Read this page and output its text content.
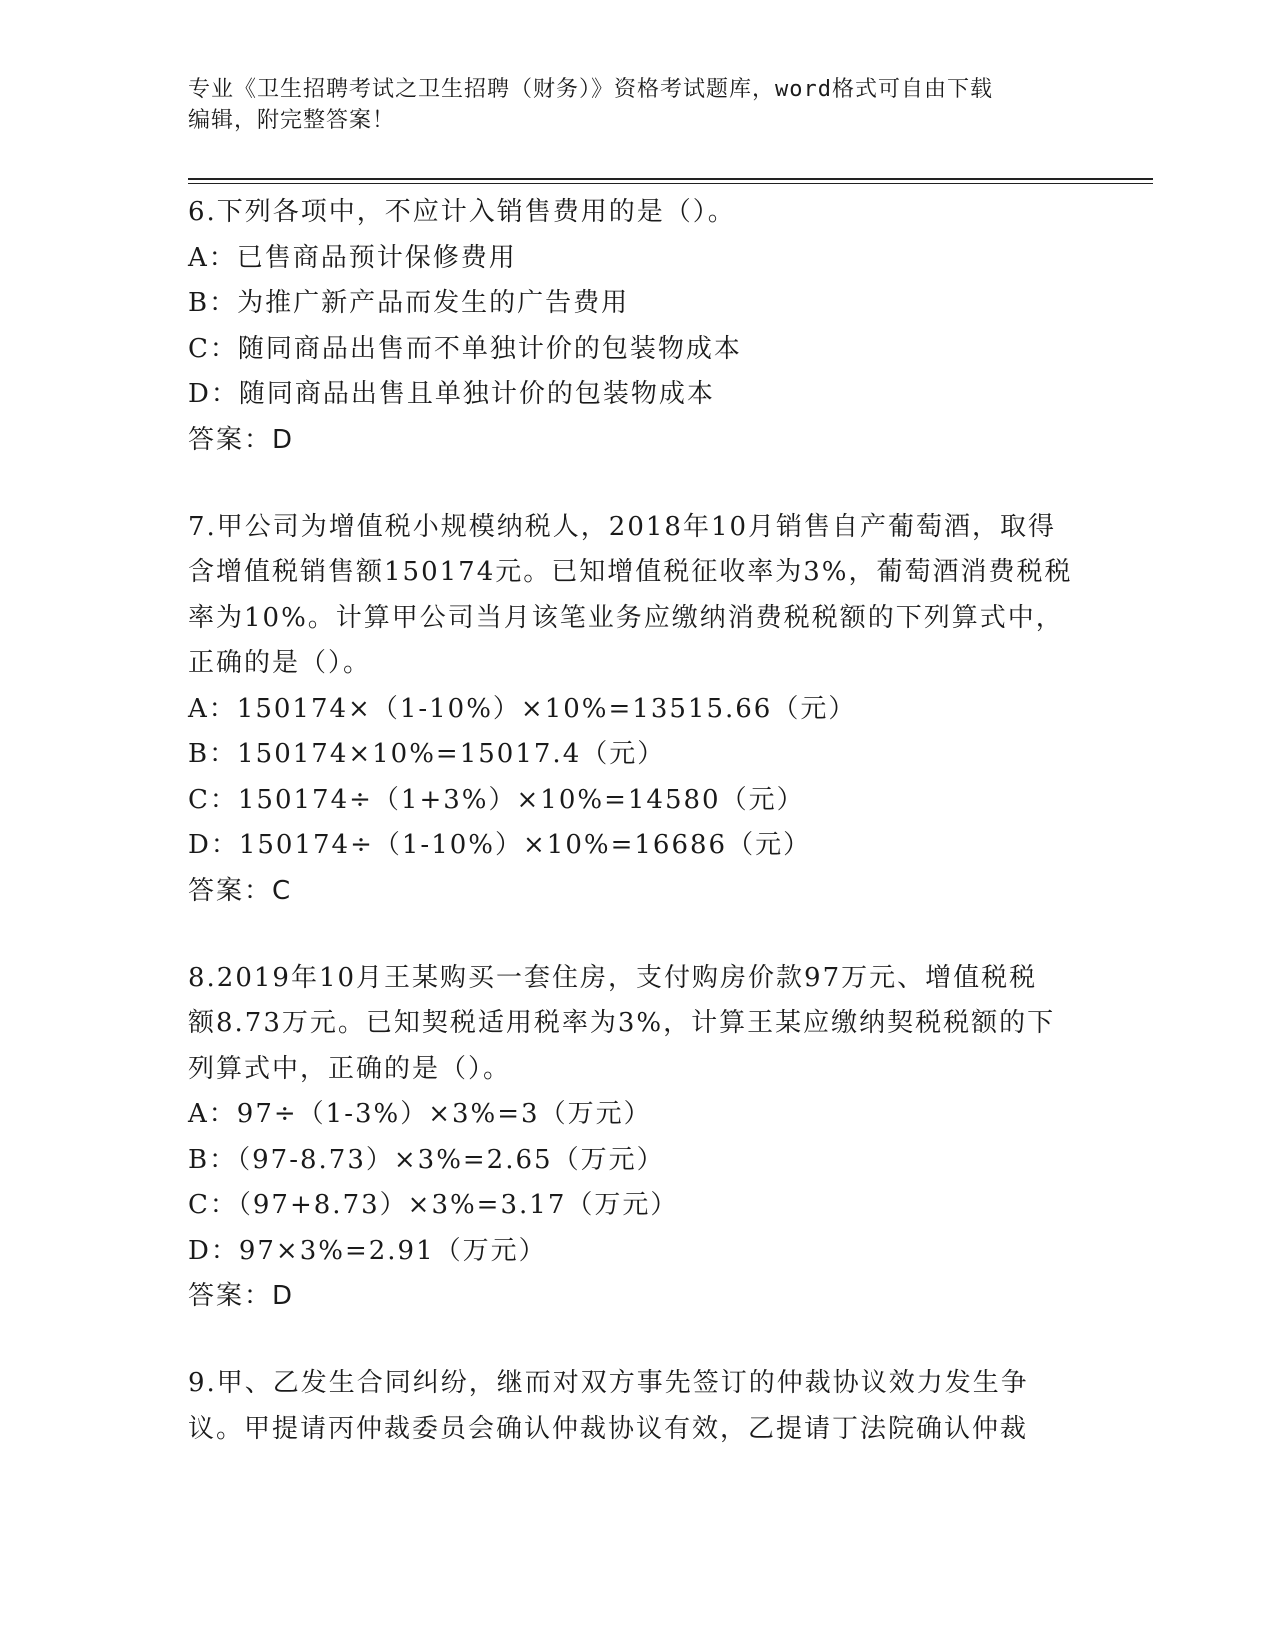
专业《卫生招聘考试之卫生招聘（财务）》资格考试题库，word格式可自由下载
编辑，附完整答案！
6.下列各项中，不应计入销售费用的是（）。
A：已售商品预计保修费用
B：为推广新产品而发生的广告费用
C：随同商品出售而不单独计价的包装物成本
D：随同商品出售且单独计价的包装物成本
答案：D
7.甲公司为增值税小规模纳税人，2018年10月销售自产葡萄酒，取得
含增值税销售额150174元。已知增值税征收率为3%，葡萄酒消费税税
率为10%。计算甲公司当月该笔业务应缴纳消费税税额的下列算式中，
正确的是（）。
A：150174×（1-10%）×10%=13515.66（元）
B：150174×10%=15017.4（元）
C：150174÷（1+3%）×10%=14580（元）
D：150174÷（1-10%）×10%=16686（元）
答案：C
8.2019年10月王某购买一套住房，支付购房价款97万元、增值税税
额8.73万元。已知契税适用税率为3%，计算王某应缴纳契税税额的下
列算式中，正确的是（）。
A：97÷（1-3%）×3%=3（万元）
B：（97-8.73）×3%=2.65（万元）
C：（97+8.73）×3%=3.17（万元）
D：97×3%=2.91（万元）
答案：D
9.甲、乙发生合同纠纷，继而对双方事先签订的仲裁协议效力发生争
议。甲提请丙仲裁委员会确认仲裁协议有效，乙提请丁法院确认仲裁
